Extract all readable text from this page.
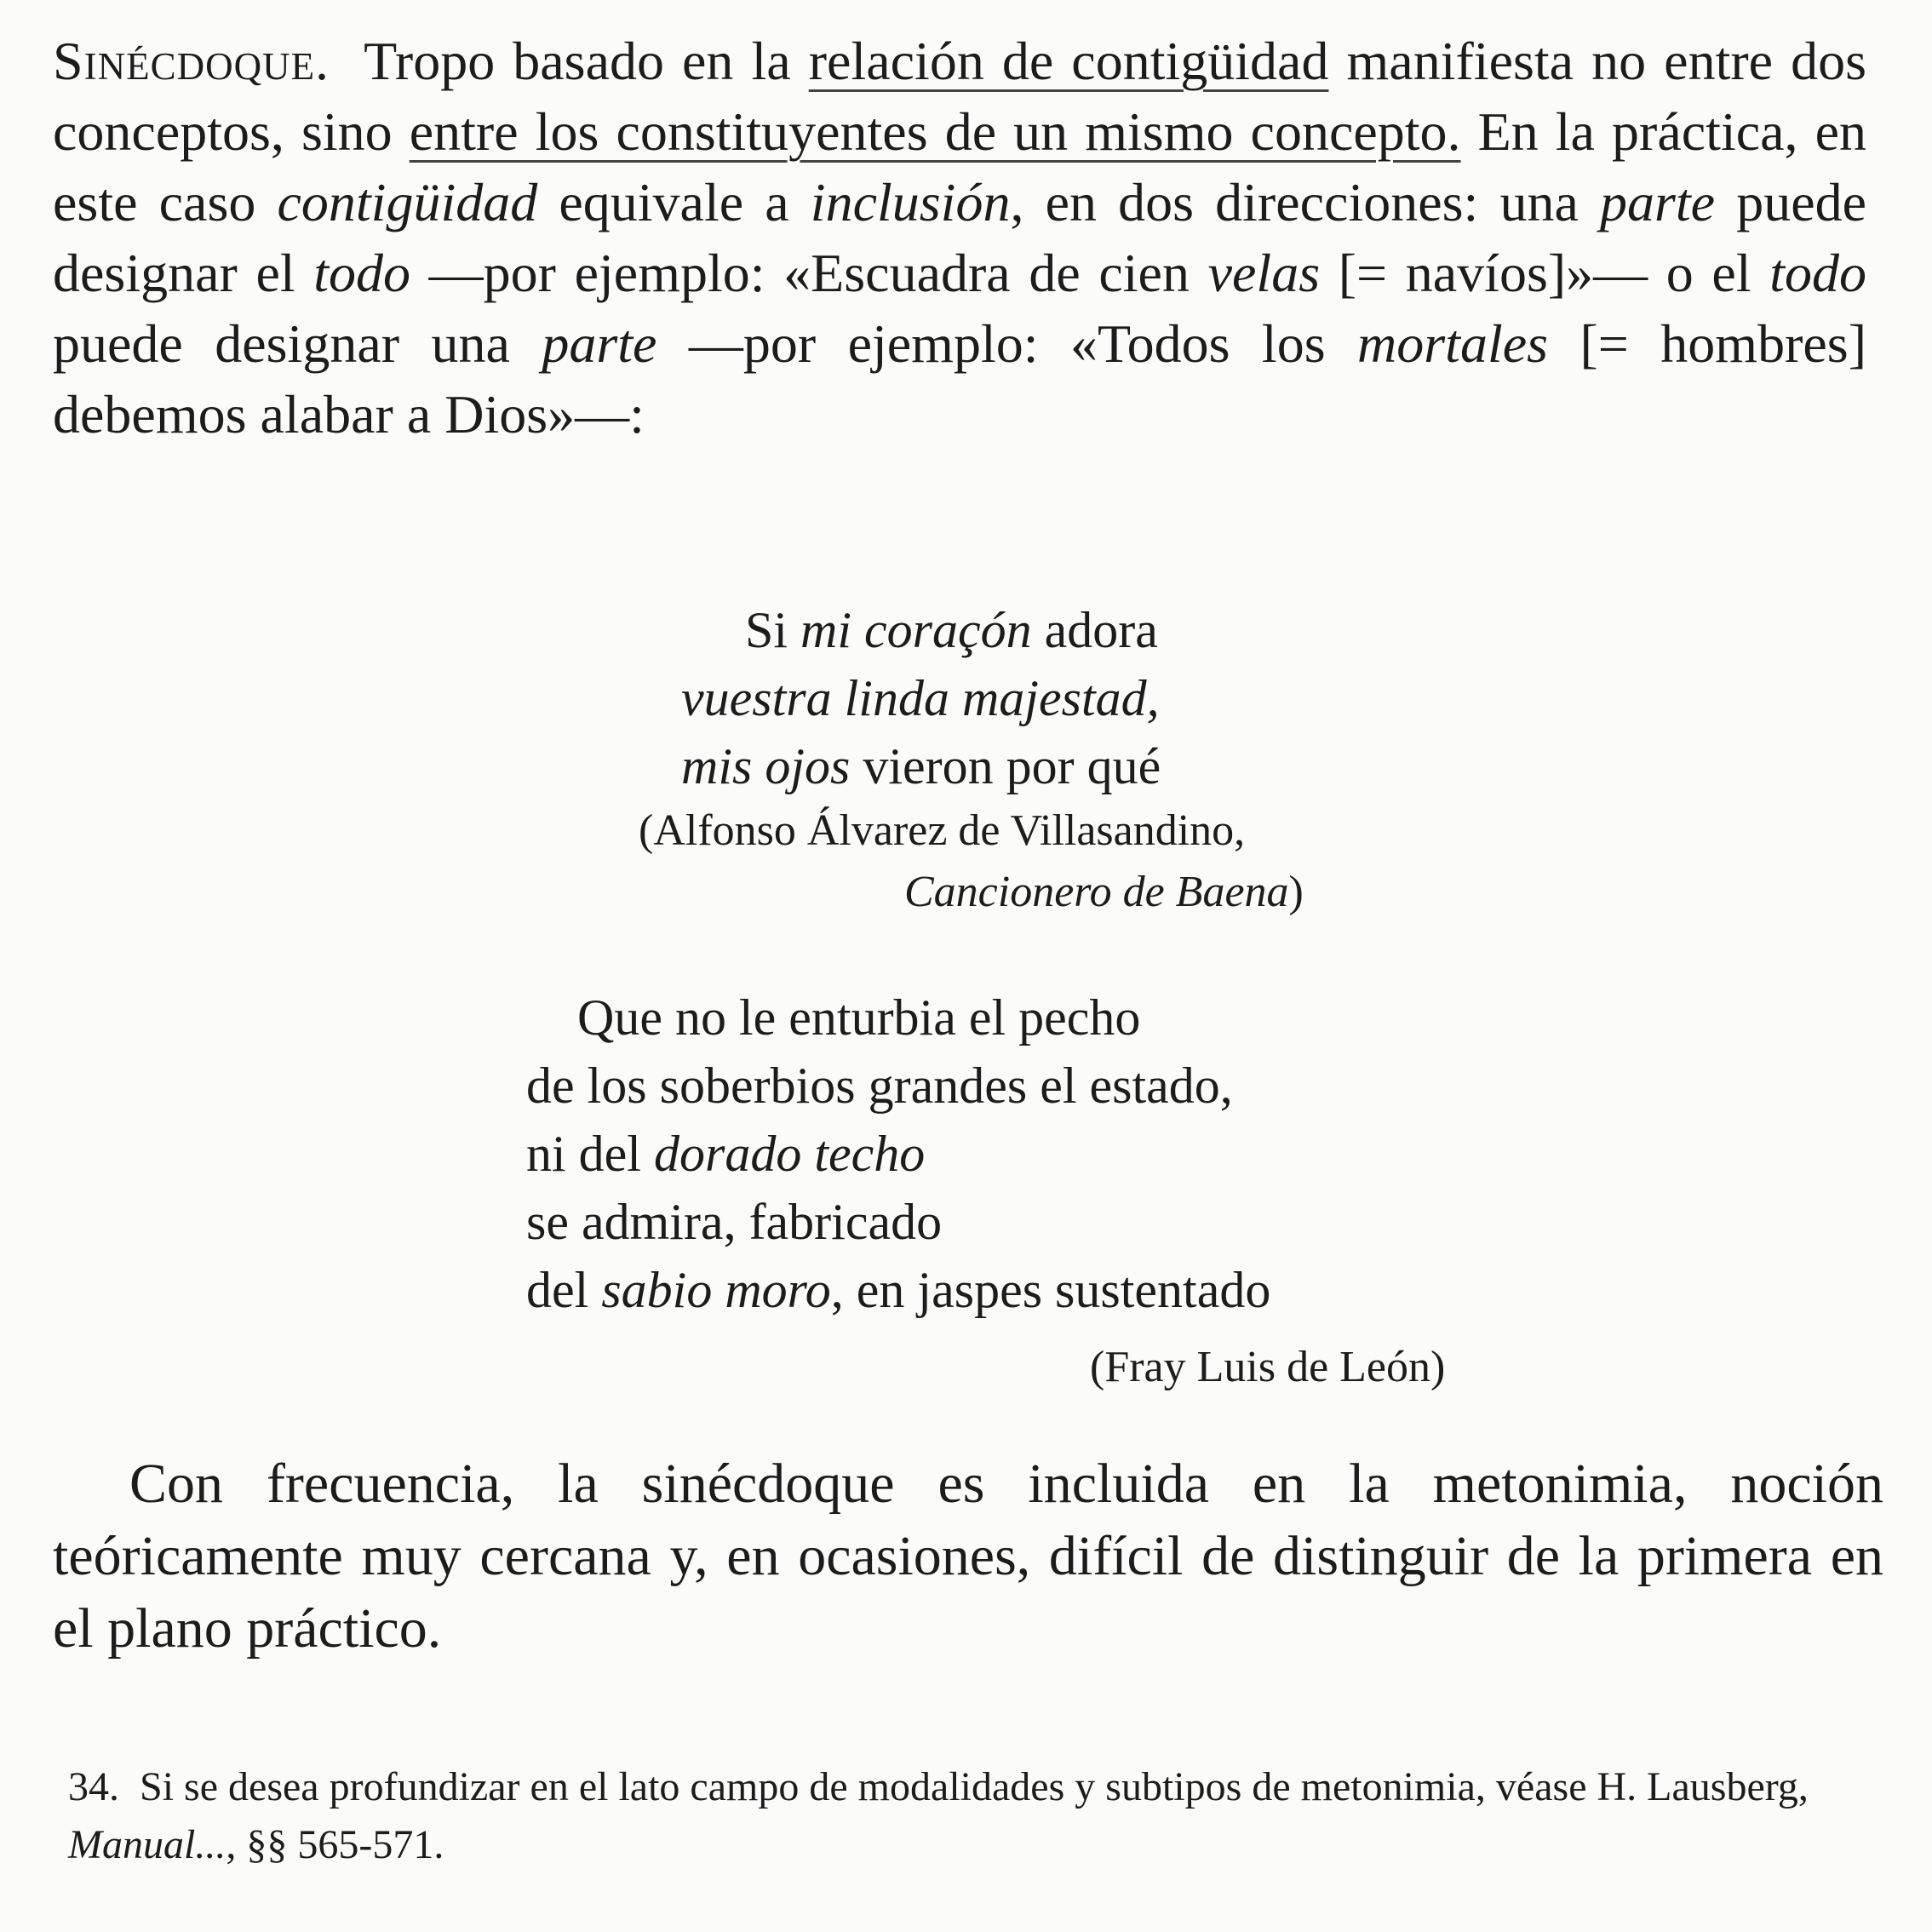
Sinécdoque. Tropo basado en la relación de contigüidad manifiesta no entre dos conceptos, sino entre los constituyentes de un mismo concepto. En la práctica, en este caso contigüidad equivale a inclusión, en dos direcciones: una parte puede designar el todo —por ejemplo: «Escuadra de cien velas [= navíos]»— o el todo puede designar una parte —por ejemplo: «Todos los mortales [= hombres] debemos alabar a Dios»—:

Si mi coraçón adora
vuestra linda majestad,
mis ojos vieron por qué
(Alfonso Álvarez de Villasandino,
Cancionero de Baena)
Que no le enturbia el pecho
de los soberbios grandes el estado,
ni del dorado techo
se admira, fabricado
del sabio moro, en jaspes sustentado
(Fray Luis de León)

Con frecuencia, la sinécdoque es incluida en la metonimia, noción teóricamente muy cercana y, en ocasiones, difícil de distinguir de la primera en el plano práctico.

34. Si se desea profundizar en el lato campo de modalidades y subtipos de metonimia, véase H. Lausberg, Manual..., §§ 565-571.
